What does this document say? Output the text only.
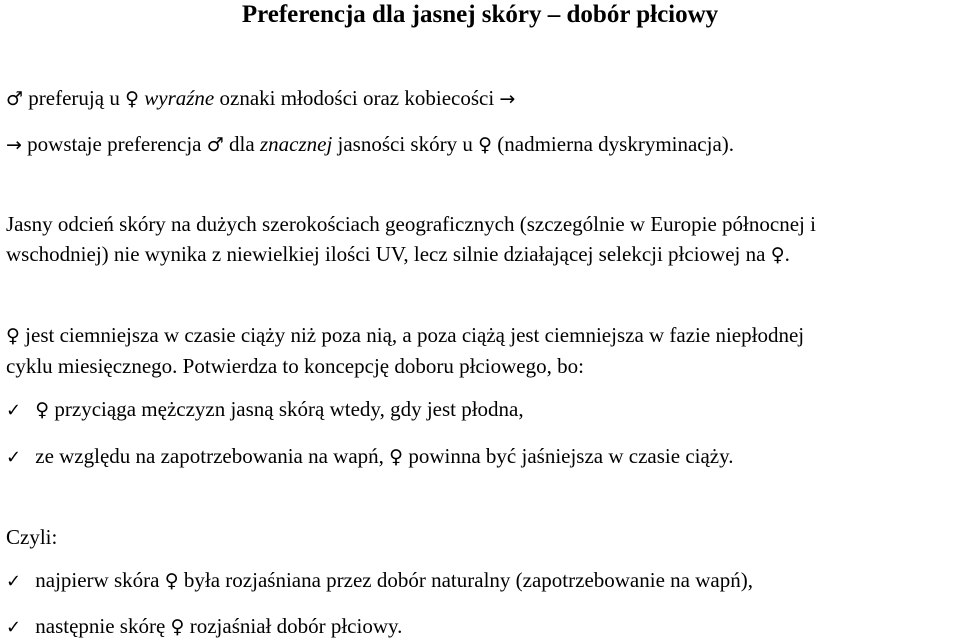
Preferencja dla jasnej skóry – dobór płciowy
♂ preferują u ♀ wyraźne oznaki młodości oraz kobiecości →
→ powstaje preferencja ♂ dla znacznej jasności skóry u ♀ (nadmierna dyskryminacja).
Jasny odcień skóry na dużych szerokościach geograficznych (szczególnie w Europie północnej i
wschodniej) nie wynika z niewielkiej ilości UV, lecz silnie działającej selekcji płciowej na ♀.
♀ jest ciemniejsza w czasie ciąży niż poza nią, a poza ciążą jest ciemniejsza w fazie niepłodnej
cyklu miesięcznego. Potwierdza to koncepcję doboru płciowego, bo:
✓ ♀ przyciąga mężczyzn jasną skórą wtedy, gdy jest płodna,
✓ ze względu na zapotrzebowania na wapń, ♀ powinna być jaśniejsza w czasie ciąży.
Czyli:
✓ najpierw skóra ♀ była rozjaśniana przez dobór naturalny (zapotrzebowanie na wapń),
✓ następnie skórę ♀ rozjaśniał dobór płciowy.
